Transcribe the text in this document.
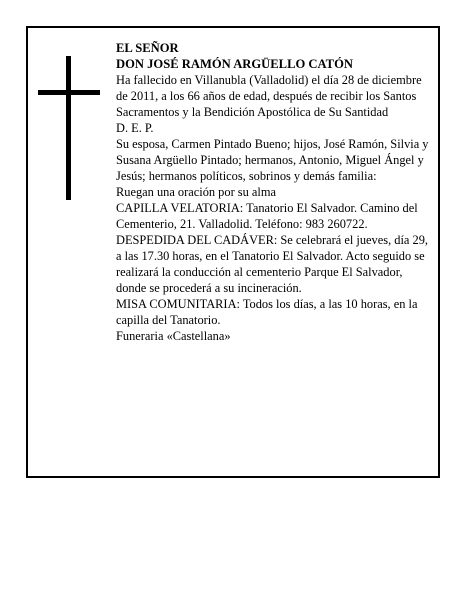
EL SEÑOR

DON JOSÉ RAMÓN ARGÜELLO CATÓN

Ha fallecido en Villanubla (Valladolid) el día 28 de diciembre de 2011, a los 66 años de edad, después de recibir los Santos Sacramentos y la Bendición Apostólica de Su Santidad

D. E. P.

Su esposa, Carmen Pintado Bueno; hijos, José Ramón, Silvia y Susana Argüello Pintado; hermanos, Antonio, Miguel Ángel y Jesús; hermanos políticos, sobrinos y demás familia:

Ruegan una oración por su alma

CAPILLA VELATORIA: Tanatorio El Salvador. Camino del Cementerio, 21. Valladolid. Teléfono: 983 260722.

DESPEDIDA DEL CADÁVER: Se celebrará el jueves, día 29, a las 17.30 horas, en el Tanatorio El Salvador. Acto seguido se realizará la conducción al cementerio Parque El Salvador, donde se procederá a su incineración.

MISA COMUNITARIA: Todos los días, a las 10 horas, en la capilla del Tanatorio.

Funeraria «Castellana»
